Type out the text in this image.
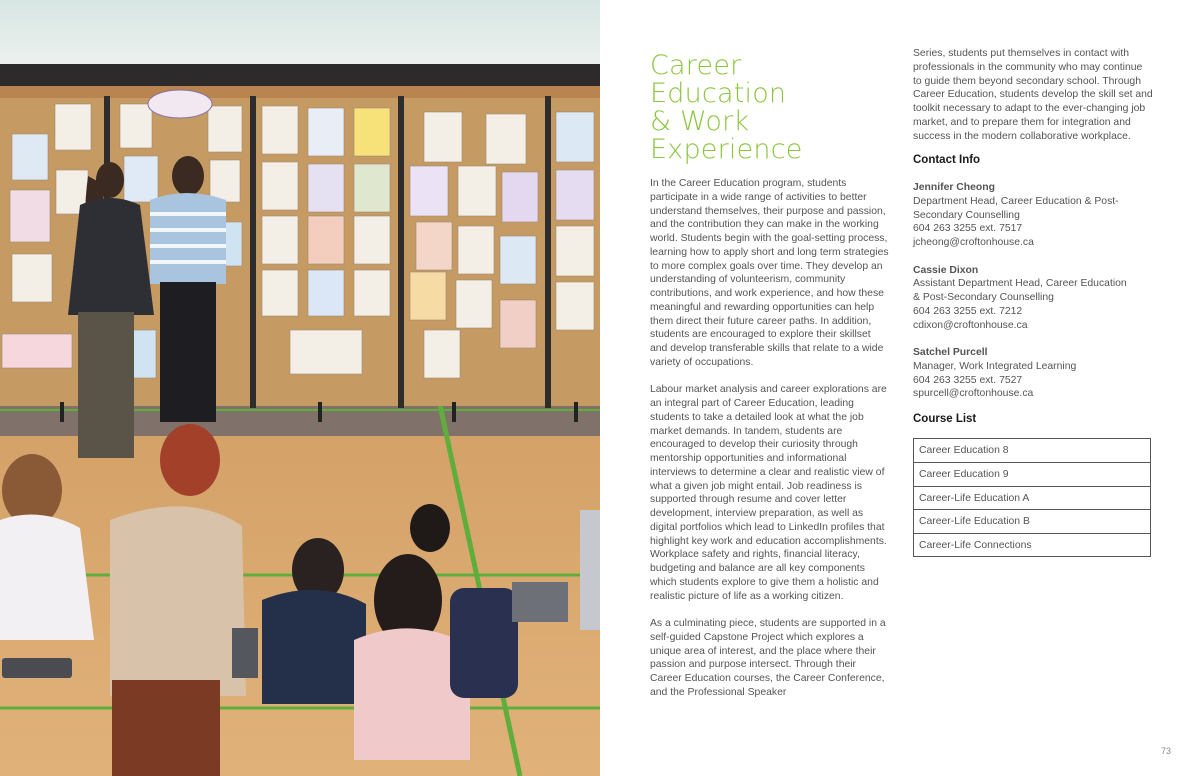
Career
Education
& Work
Experience

In the Career Education program, students participate in a wide range of activities to better understand themselves, their purpose and passion, and the contribution they can make in the working world. Students begin with the goal-setting process, learning how to apply short and long term strategies to more complex goals over time. They develop an understanding of volunteerism, community contributions, and work experience, and how these meaningful and rewarding opportunities can help them direct their future career paths. In addition, students are encouraged to explore their skillset and develop transferable skills that relate to a wide variety of occupations.

Labour market analysis and career explorations are an integral part of Career Education, leading students to take a detailed look at what the job market demands. In tandem, students are encouraged to develop their curiosity through mentorship opportunities and informational interviews to determine a clear and realistic view of what a given job might entail. Job readiness is supported through resume and cover letter development, interview preparation, as well as digital portfolios which lead to LinkedIn profiles that highlight key work and education accomplishments. Workplace safety and rights, financial literacy, budgeting and balance are all key components which students explore to give them a holistic and realistic picture of life as a working citizen.

As a culminating piece, students are supported in a self-guided Capstone Project which explores a unique area of interest, and the place where their passion and purpose intersect. Through their Career Education courses, the Career Conference, and the Professional Speaker

Series, students put themselves in contact with professionals in the community who may continue to guide them beyond secondary school. Through Career Education, students develop the skill set and toolkit necessary to adapt to the ever-changing job market, and to prepare them for integration and success in the modern collaborative workplace.

Contact Info
Jennifer Cheong
Department Head, Career Education & Post-
Secondary Counselling
604 263 3255 ext. 7517
jcheong@croftonhouse.ca
Cassie Dixon
Assistant Department Head, Career Education
& Post-Secondary Counselling
604 263 3255 ext. 7212
cdixon@croftonhouse.ca
Satchel Purcell
Manager, Work Integrated Learning
604 263 3255 ext. 7527
spurcell@croftonhouse.ca
Course List
Career Education 8
Career Education 9
Career-Life Education A
Career-Life Education B
Career-Life Connections
73
